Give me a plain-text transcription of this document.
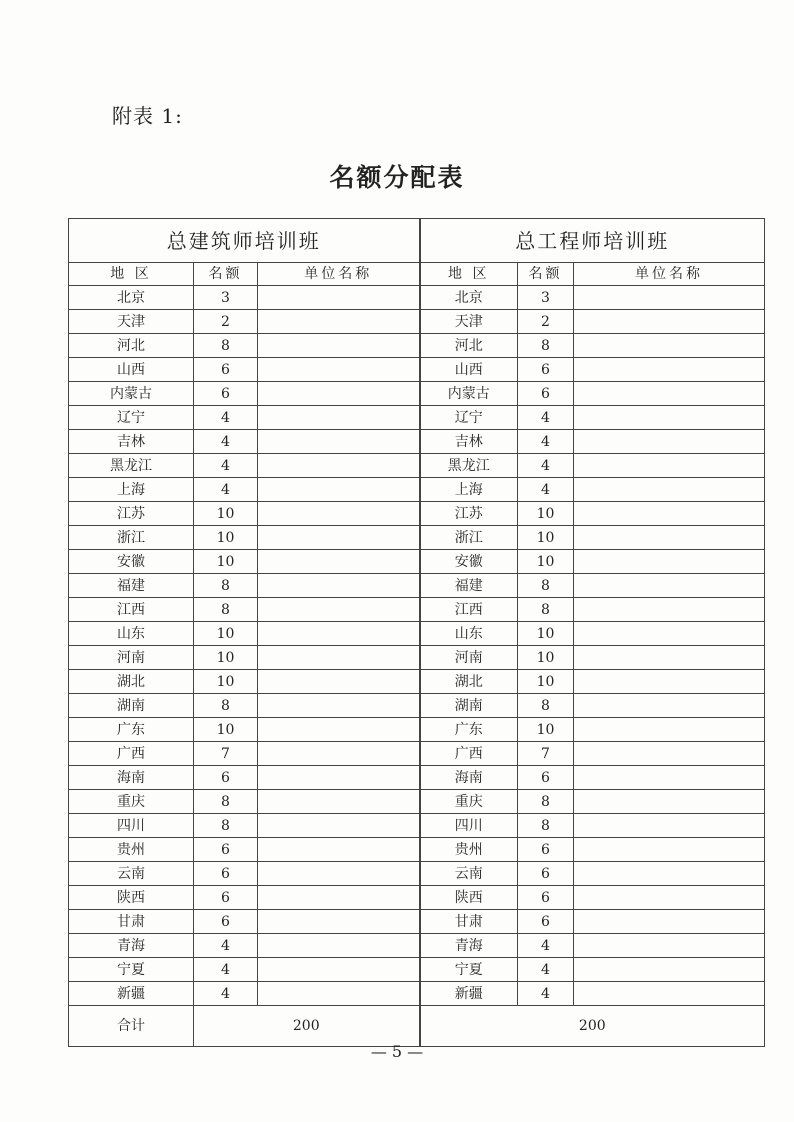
附表 1:
名额分配表
总建筑师培训班			总工程师培训班		
地 区	名额	单位名称	地 区	名额	单位名称
北京	3		北京	3	
天津	2		天津	2	
河北	8		河北	8	
山西	6		山西	6	
内蒙古	6		内蒙古	6	
辽宁	4		辽宁	4	
吉林	4		吉林	4	
黑龙江	4		黑龙江	4	
上海	4		上海	4	
江苏	10		江苏	10	
浙江	10		浙江	10	
安徽	10		安徽	10	
福建	8		福建	8	
江西	8		江西	8	
山东	10		山东	10	
河南	10		河南	10	
湖北	10		湖北	10	
湖南	8		湖南	8	
广东	10		广东	10	
广西	7		广西	7	
海南	6		海南	6	
重庆	8		重庆	8	
四川	8		四川	8	
贵州	6		贵州	6	
云南	6		云南	6	
陕西	6		陕西	6	
甘肃	6		甘肃	6	
青海	4		青海	4	
宁夏	4		宁夏	4	
新疆	4		新疆	4	
合计	200		200		
— 5 —
